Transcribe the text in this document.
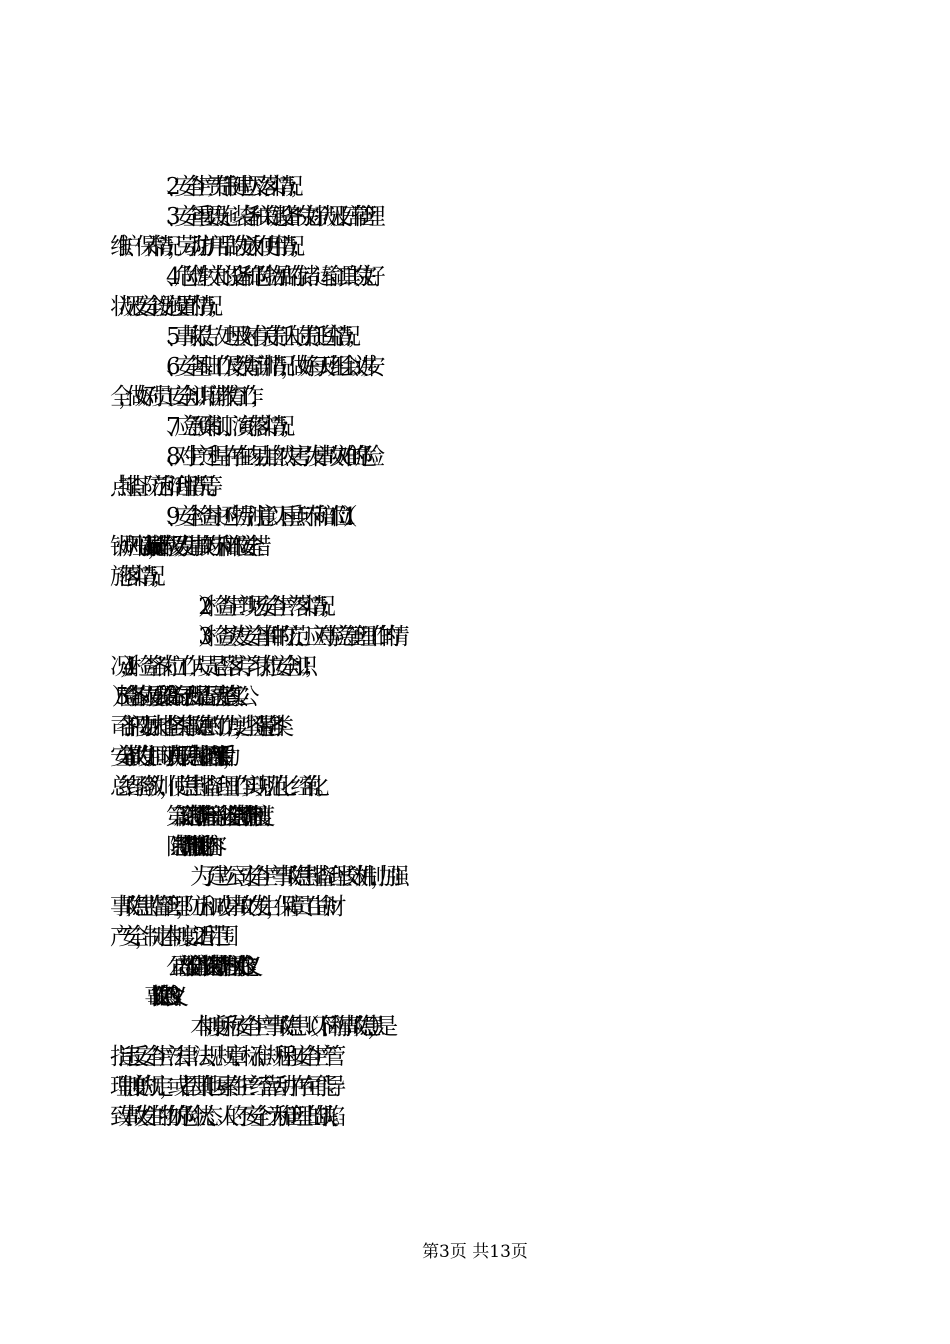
2、安全生产责任制建立及落实情况；
3、安全重要设施、装备和关键设备的完好状况及日常管理
维护、保养情况，劳动防护用品的发放和使用情况；
4、危险性较大的设备和危险物品的存储、运输工具的完好
状况及安全设施设置的情况；
5、事故报告、处理及对有关责任人的责任追究情况；
6、安全基础工作及教育培训情况，做好每天班组会议讲安
全，做好对员工安全知识培训教育工作；
7、应急预案制订、演练落实情况；
8、对生产过程中存在的易由自然灾害引发事故灾难的危险
点排查、防范和治理情况等。
9、安全检查中还应特别注意以下重点环节和部位：（1）
锅炉风压情况，naoh搅拌等极易发生事故的环节和部位安全措
施落实情况；
（2）检查生产现场安全生产落实情况；
（3）检查突发安全事件的防范、应对等应急管理工作的情
况；（4）检查各岗位工作人员是否落实学习岗位安全知识；
（5）检查各岗位及重要设备的记录台账是否记录完整真实。公
司各部门要加大排查各类事故隐患的工作力度，坚持遏制各类
安全事故的发生。同时认真开展隐患排查治理“回头看”活动，
总结经验教训，使隐患排查治理工作实现规范化、经常化。
第三篇：隐患排查治理篇一：企业安全隐患排查治理制度
隐患排查治理制度1目的和内容
为了建立公司安全生产事故隐患排查治理长效机制，加强
事故隐患监督管理，防止和减少事故的发生，保障员工生命财
产安全，制定本制度。2适用范围
公司内部安全生产事故隐患排查治理相关工作。3定义
3.1事故隐患的含义
本制度所称安全生产事故隐患（以下简称事故隐患），是
指违反安全生产法律、法规、规章、标准、规程和安全生产管
理制度的规定，或者因其他因素在生产经营活动中存在可能导
致事故发生的物的危险状态、人的不安全行为和管理上的缺陷。
第3页 共13页
